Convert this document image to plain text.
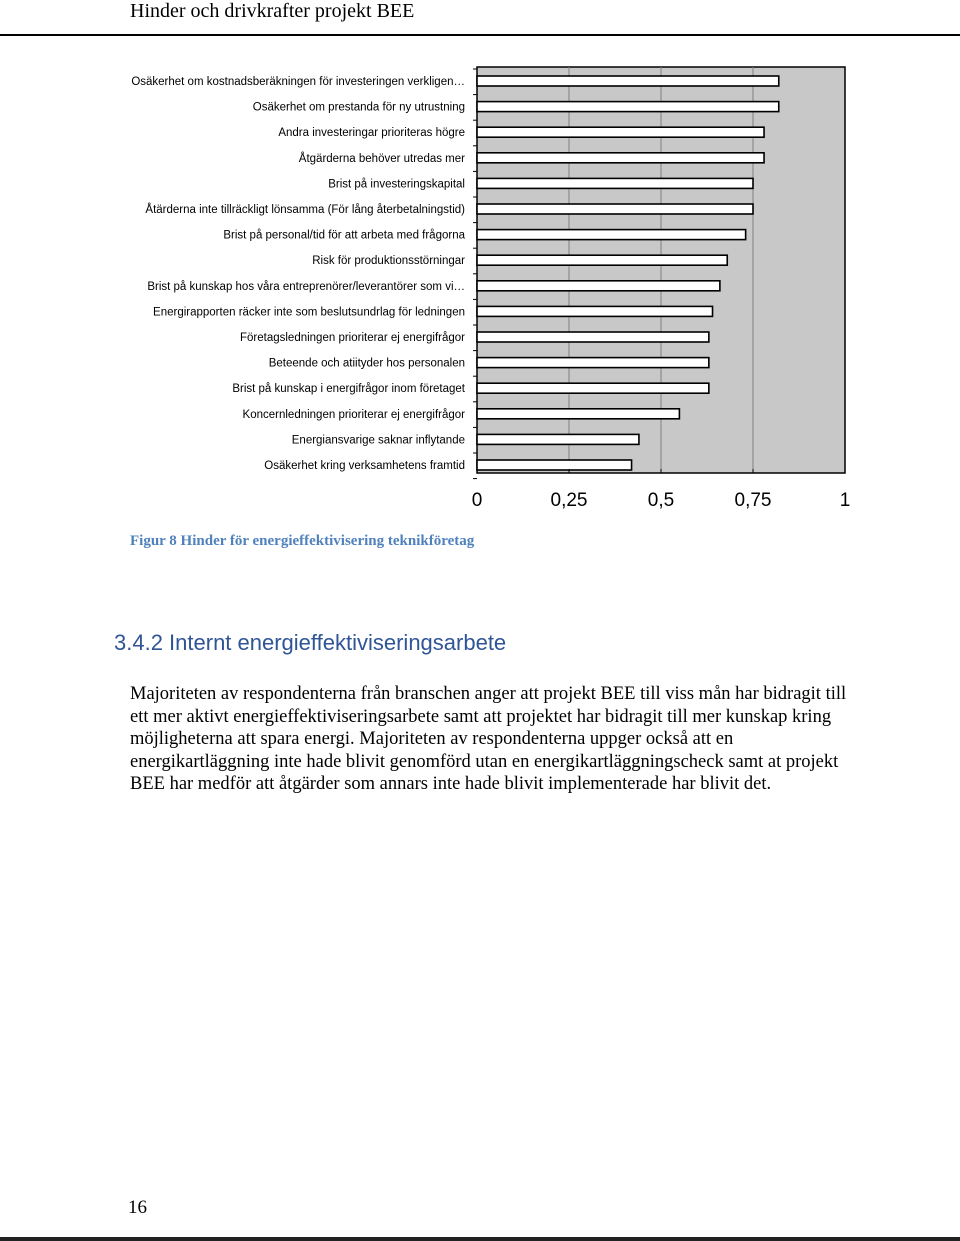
Hinder och drivkrafter projekt BEE
Osäkerhet om kostnadsberäkningen för investeringen verkligen…
Osäkerhet om prestanda för ny utrustning
Andra investeringar prioriteras högre
Åtgärderna behöver utredas mer
Brist på investeringskapital
Åtärderna inte tillräckligt lönsamma (För lång återbetalningstid)
Brist på personal/tid för att arbeta med frågorna
Risk för produktionsstörningar
Brist på kunskap hos våra entreprenörer/leverantörer som vi…
Energirapporten räcker inte som beslutsundrlag för ledningen
Företagsledningen prioriterar ej energifrågor
Beteende och atiityder hos personalen
Brist på kunskap i energifrågor inom företaget
Koncernledningen prioriterar ej energifrågor
Energiansvarige saknar inflytande
Osäkerhet kring verksamhetens framtid
0	0,25	0,5	0,75	1
Figur 8 Hinder för energieffektivisering teknikföretag
3.4.2 Internt energieffektiviseringsarbete
Majoriteten av respondenterna från branschen anger att projekt BEE till viss mån har bidragit till ett mer aktivt energieffektiviseringsarbete samt att projektet har bidragit till mer kunskap kring möjligheterna att spara energi. Majoriteten av respondenterna uppger också att en energikartläggning inte hade blivit genomförd utan en energikartläggningscheck samt at projekt BEE har medför att åtgärder som annars inte hade blivit implementerade har blivit det.
16
